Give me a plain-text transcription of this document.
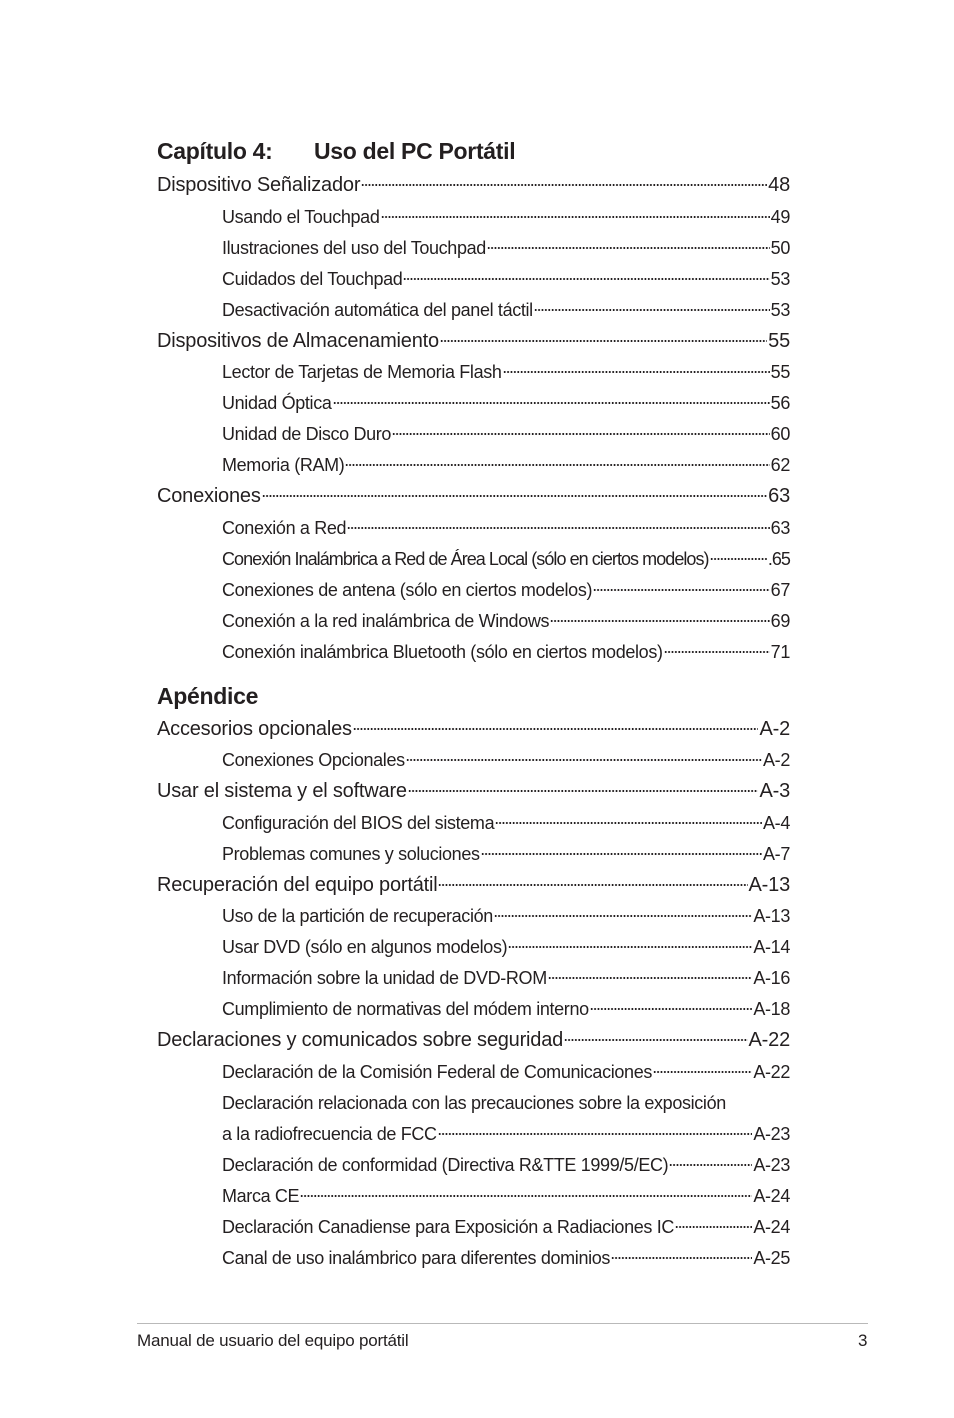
Capítulo 4:	Uso del PC Portátil
Dispositivo Señalizador	48
Usando el Touchpad	49
Ilustraciones del uso del Touchpad	50
Cuidados del Touchpad	53
Desactivación automática del panel táctil	53
Dispositivos de Almacenamiento	55
Lector de Tarjetas de Memoria Flash	55
Unidad Óptica	56
Unidad de Disco Duro	60
Memoria (RAM)	62
Conexiones	63
Conexión a Red	63
Conexión Inalámbrica a Red de Área Local (sólo en ciertos modelos)	.65
Conexiones de antena (sólo en ciertos modelos)	67
Conexión a la red inalámbrica de Windows	69
Conexión inalámbrica Bluetooth (sólo en ciertos modelos)	71
Apéndice
Accesorios opcionales	A-2
Conexiones Opcionales	A-2
Usar el sistema y el software	A-3
Configuración del BIOS del sistema	A-4
Problemas comunes y soluciones	A-7
Recuperación del equipo portátil	A-13
Uso de la partición de recuperación	A-13
Usar DVD (sólo en algunos modelos)	A-14
Información sobre la unidad de DVD-ROM	A-16
Cumplimiento de normativas del módem interno	A-18
Declaraciones y comunicados sobre seguridad	A-22
Declaración de la Comisión Federal de Comunicaciones	A-22
Declaración relacionada con las precauciones sobre la exposición
a la radiofrecuencia de FCC	A-23
Declaración de conformidad (Directiva R&TTE 1999/5/EC)	A-23
Marca CE	A-24
Declaración Canadiense para Exposición a Radiaciones IC	A-24
Canal de uso inalámbrico para diferentes dominios	A-25
Manual de usuario del equipo portátil	3
